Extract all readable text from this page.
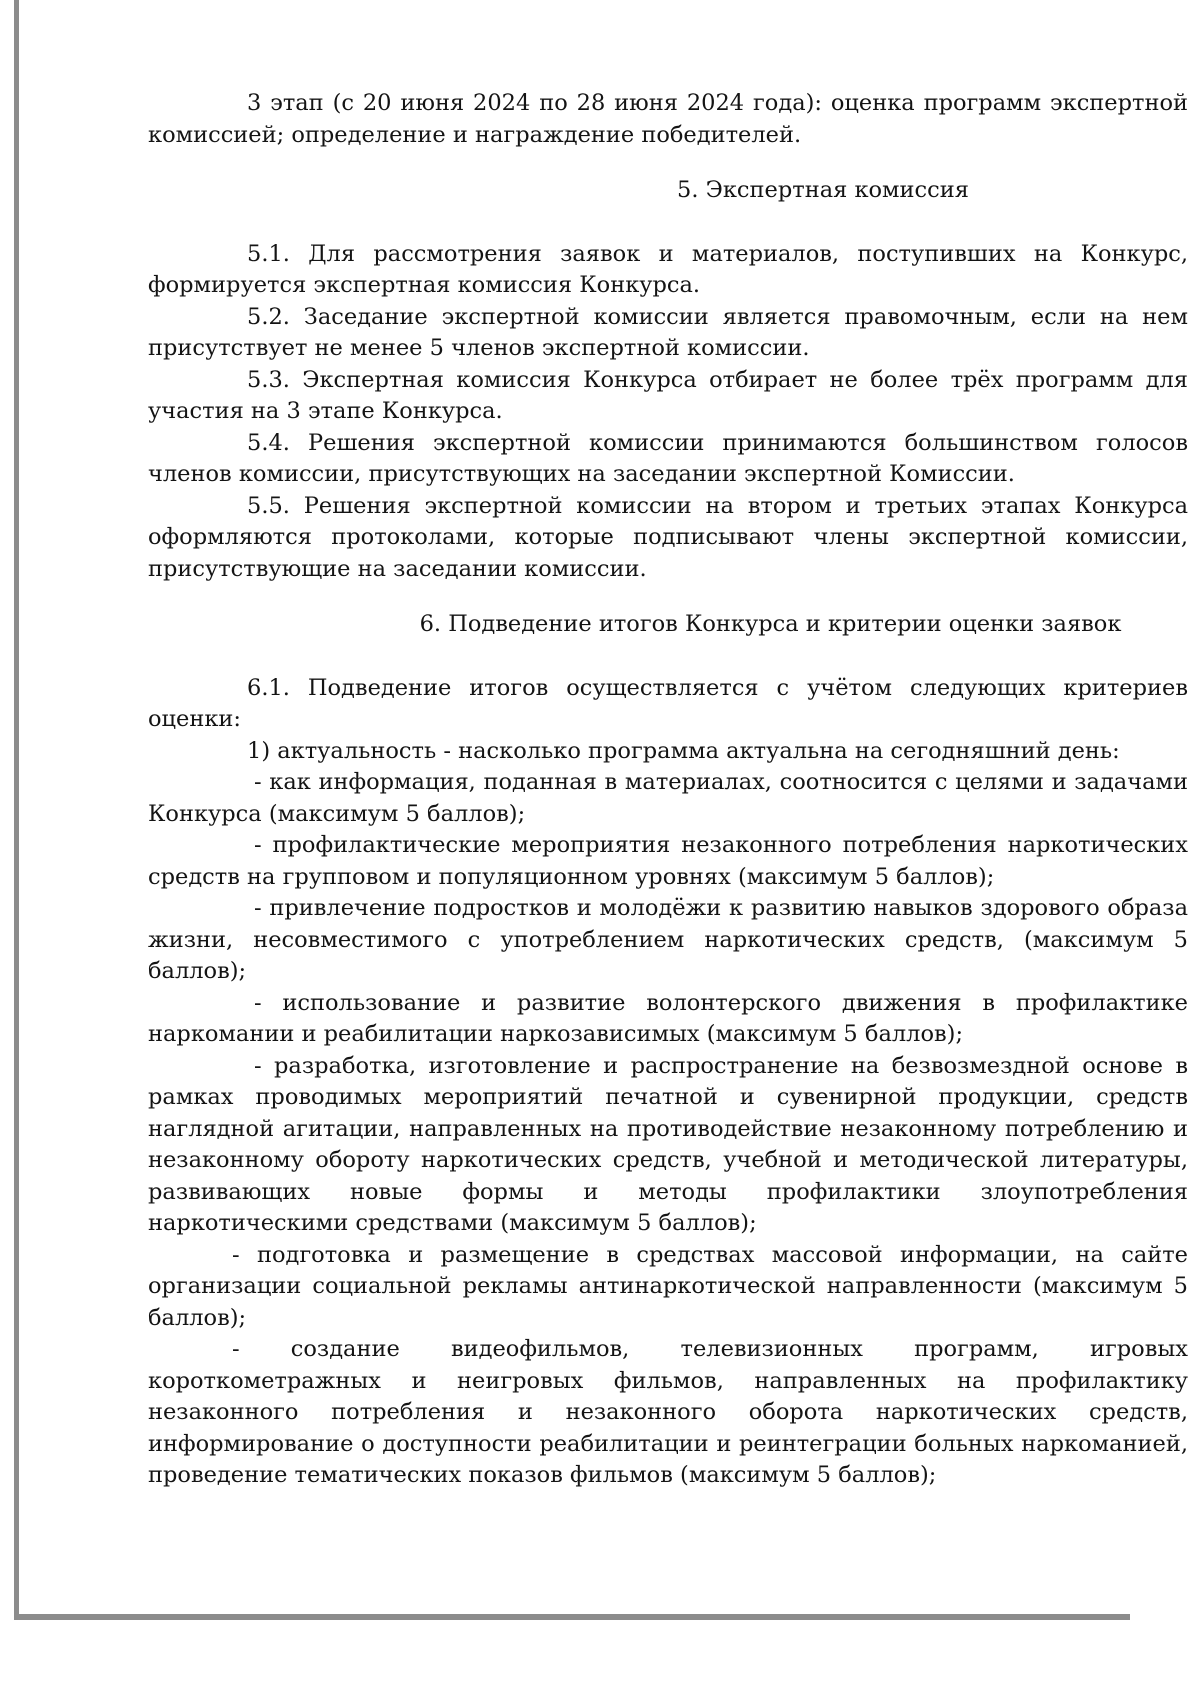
3 этап (с 20 июня 2024 по 28 июня 2024 года): оценка программ экспертной комиссией; определение и награждение победителей.

5. Экспертная комиссия

5.1. Для рассмотрения заявок и материалов, поступивших на Конкурс, формируется экспертная комиссия Конкурса.

5.2. Заседание экспертной комиссии является правомочным, если на нем присутствует не менее 5 членов экспертной комиссии.

5.3. Экспертная комиссия Конкурса отбирает не более трёх программ для участия на 3 этапе Конкурса.

5.4. Решения экспертной комиссии принимаются большинством голосов членов комиссии, присутствующих на заседании экспертной Комиссии.

5.5. Решения экспертной комиссии на втором и третьих этапах Конкурса оформляются протоколами, которые подписывают члены экспертной комиссии, присутствующие на заседании комиссии.

6. Подведение итогов Конкурса и критерии оценки заявок

6.1. Подведение итогов осуществляется с учётом следующих критериев оценки:

1) актуальность - насколько программа актуальна на сегодняшний день:

- как информация, поданная в материалах, соотносится с целями и задачами Конкурса (максимум 5 баллов);

- профилактические мероприятия незаконного потребления наркотических средств на групповом и популяционном уровнях (максимум 5 баллов);

- привлечение подростков и молодёжи к развитию навыков здорового образа жизни, несовместимого с употреблением наркотических средств, (максимум 5 баллов);

- использование и развитие волонтерского движения в профилактике наркомании и реабилитации наркозависимых (максимум 5 баллов);

- разработка, изготовление и распространение на безвозмездной основе в рамках проводимых мероприятий печатной и сувенирной продукции, средств наглядной агитации, направленных на противодействие незаконному потреблению и незаконному обороту наркотических средств, учебной и методической литературы, развивающих новые формы и методы профилактики злоупотребления наркотическими средствами (максимум 5 баллов);

- подготовка и размещение в средствах массовой информации, на сайте организации социальной рекламы антинаркотической направленности (максимум 5 баллов);

- создание видеофильмов, телевизионных программ, игровых короткометражных и неигровых фильмов, направленных на профилактику незаконного потребления и незаконного оборота наркотических средств, информирование о доступности реабилитации и реинтеграции больных наркоманией, проведение тематических показов фильмов (максимум 5 баллов);
